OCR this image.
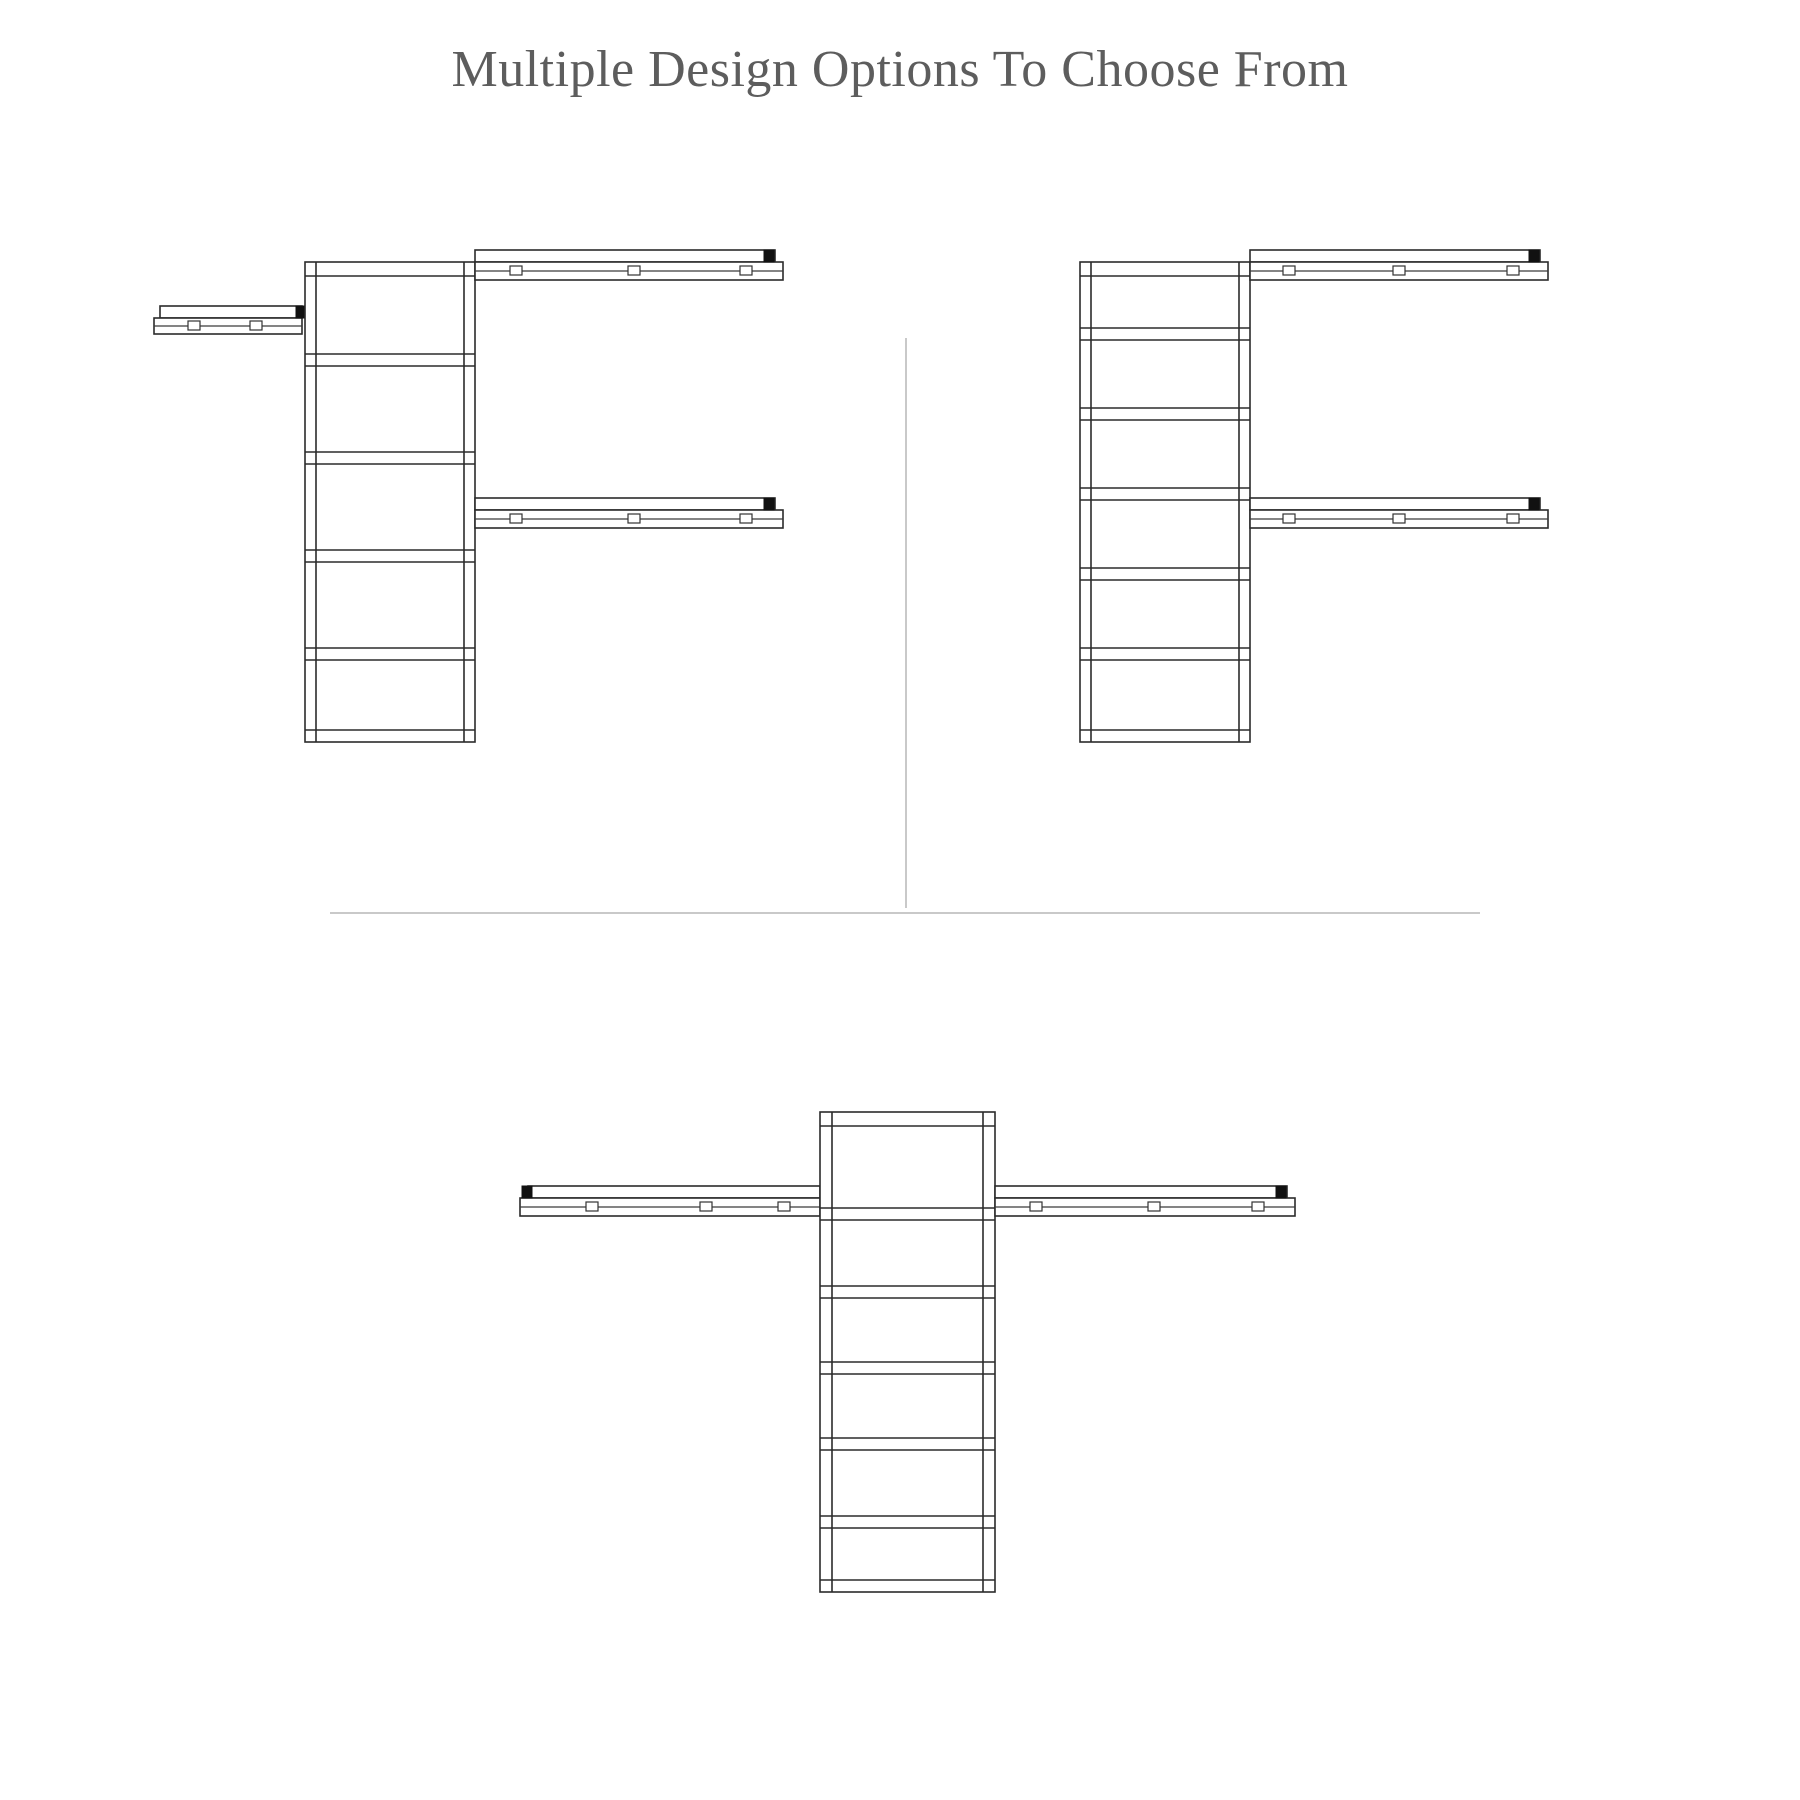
Multiple Design Options To Choose From
